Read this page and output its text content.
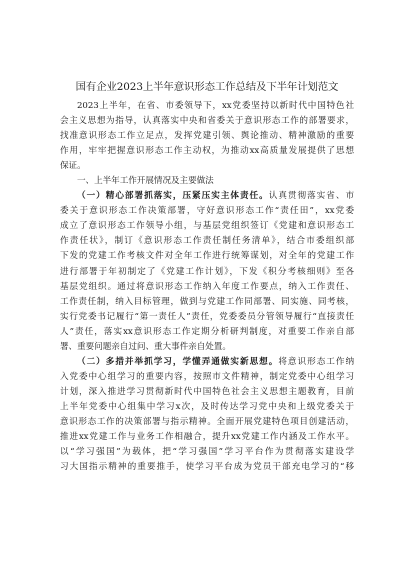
国有企业2023上半年意识形态工作总结及下半年计划范文
2023上半年，在省、市委领导下，xx党委坚持以新时代中国特色社
会主义思想为指导，认真落实中央和省委关于意识形态工作的部署要求，
找准意识形态工作立足点，发挥党建引领、舆论推动、精神激励的重要
作用，牢牢把握意识形态工作主动权，为推动xx高质量发展提供了思想
保证。
一、上半年工作开展情况及主要做法
（一）精心部署抓落实，压紧压实主体责任。认真贯彻落实省、市
委关于意识形态工作决策部署，守好意识形态工作“责任田”，xx党委
成立了意识形态工作领导小组，与基层党组织签订《党建和意识形态工
作责任状》，制订《意识形态工作责任制任务清单》，结合市委组织部
下发的党建工作考核文件对全年工作进行统筹谋划，对全年的党建工作
进行部署于年初制定了《党建工作计划》，下发《积分考核细则》至各
基层党组织。通过将意识形态工作纳入年度工作要点，纳入工作责任、
工作责任制，纳入目标管理，做到与党建工作同部署、同实施、同考核，
实行党委书记履行“第一责任人”责任，党委委员分管领导履行“直接责任
人”责任，落实xx意识形态工作定期分析研判制度，对重要工作亲自部
署、重要问题亲自过问、重大事件亲自处置。
（二）多措并举抓学习，学懂弄通做实新思想。将意识形态工作纳
入党委中心组学习的重要内容，按照市文件精神，制定党委中心组学习
计划，深入推进学习贯彻新时代中国特色社会主义思想主题教育，目前
上半年党委中心组集中学习x次，及时传达学习党中央和上级党委关于
意识形态工作的决策部署与指示精神。全面开展党建特色项目创建活动，
推进xx党建工作与业务工作相融合，提升xx党建工作内涵及工作水平。
以“学习强国”为载体，把“学习强国”学习平台作为贯彻落实建设学
习大国指示精神的重要推手，使学习平台成为党员干部充电学习的“移
